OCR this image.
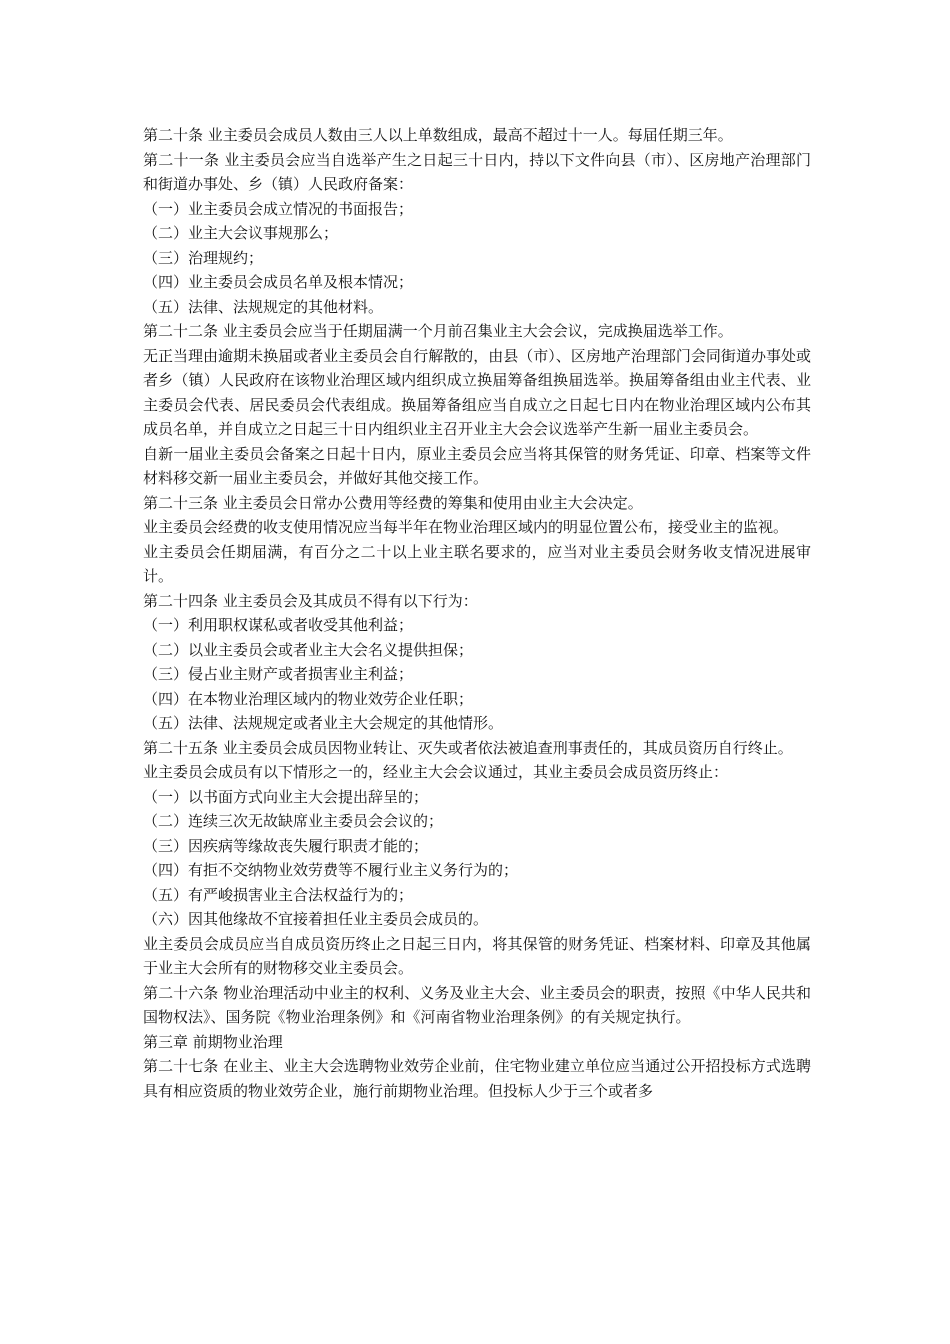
第二十条 业主委员会成员人数由三人以上单数组成，最高不超过十一人。每届任期三年。

第二十一条 业主委员会应当自选举产生之日起三十日内，持以下文件向县（市）、区房地产治理部门和街道办事处、乡（镇）人民政府备案：

（一）业主委员会成立情况的书面报告；

（二）业主大会议事规那么；

（三）治理规约；

（四）业主委员会成员名单及根本情况；

（五）法律、法规规定的其他材料。

第二十二条 业主委员会应当于任期届满一个月前召集业主大会会议，完成换届选举工作。

无正当理由逾期未换届或者业主委员会自行解散的，由县（市）、区房地产治理部门会同街道办事处或者乡（镇）人民政府在该物业治理区域内组织成立换届筹备组换届选举。换届筹备组由业主代表、业主委员会代表、居民委员会代表组成。换届筹备组应当自成立之日起七日内在物业治理区域内公布其成员名单，并自成立之日起三十日内组织业主召开业主大会会议选举产生新一届业主委员会。

自新一届业主委员会备案之日起十日内，原业主委员会应当将其保管的财务凭证、印章、档案等文件材料移交新一届业主委员会，并做好其他交接工作。

第二十三条 业主委员会日常办公费用等经费的筹集和使用由业主大会决定。

业主委员会经费的收支使用情况应当每半年在物业治理区域内的明显位置公布，接受业主的监视。

业主委员会任期届满，有百分之二十以上业主联名要求的，应当对业主委员会财务收支情况进展审计。

第二十四条 业主委员会及其成员不得有以下行为：

（一）利用职权谋私或者收受其他利益；

（二）以业主委员会或者业主大会名义提供担保；

（三）侵占业主财产或者损害业主利益；

（四）在本物业治理区域内的物业效劳企业任职；

（五）法律、法规规定或者业主大会规定的其他情形。

第二十五条 业主委员会成员因物业转让、灭失或者依法被追查刑事责任的，其成员资历自行终止。

业主委员会成员有以下情形之一的，经业主大会会议通过，其业主委员会成员资历终止：

（一）以书面方式向业主大会提出辞呈的；

（二）连续三次无故缺席业主委员会会议的；

（三）因疾病等缘故丧失履行职责才能的；

（四）有拒不交纳物业效劳费等不履行业主义务行为的；

（五）有严峻损害业主合法权益行为的；

（六）因其他缘故不宜接着担任业主委员会成员的。

业主委员会成员应当自成员资历终止之日起三日内，将其保管的财务凭证、档案材料、印章及其他属于业主大会所有的财物移交业主委员会。

第二十六条 物业治理活动中业主的权利、义务及业主大会、业主委员会的职责，按照《中华人民共和国物权法》、国务院《物业治理条例》和《河南省物业治理条例》的有关规定执行。

第三章 前期物业治理

第二十七条 在业主、业主大会选聘物业效劳企业前，住宅物业建立单位应当通过公开招投标方式选聘具有相应资质的物业效劳企业，施行前期物业治理。但投标人少于三个或者多
